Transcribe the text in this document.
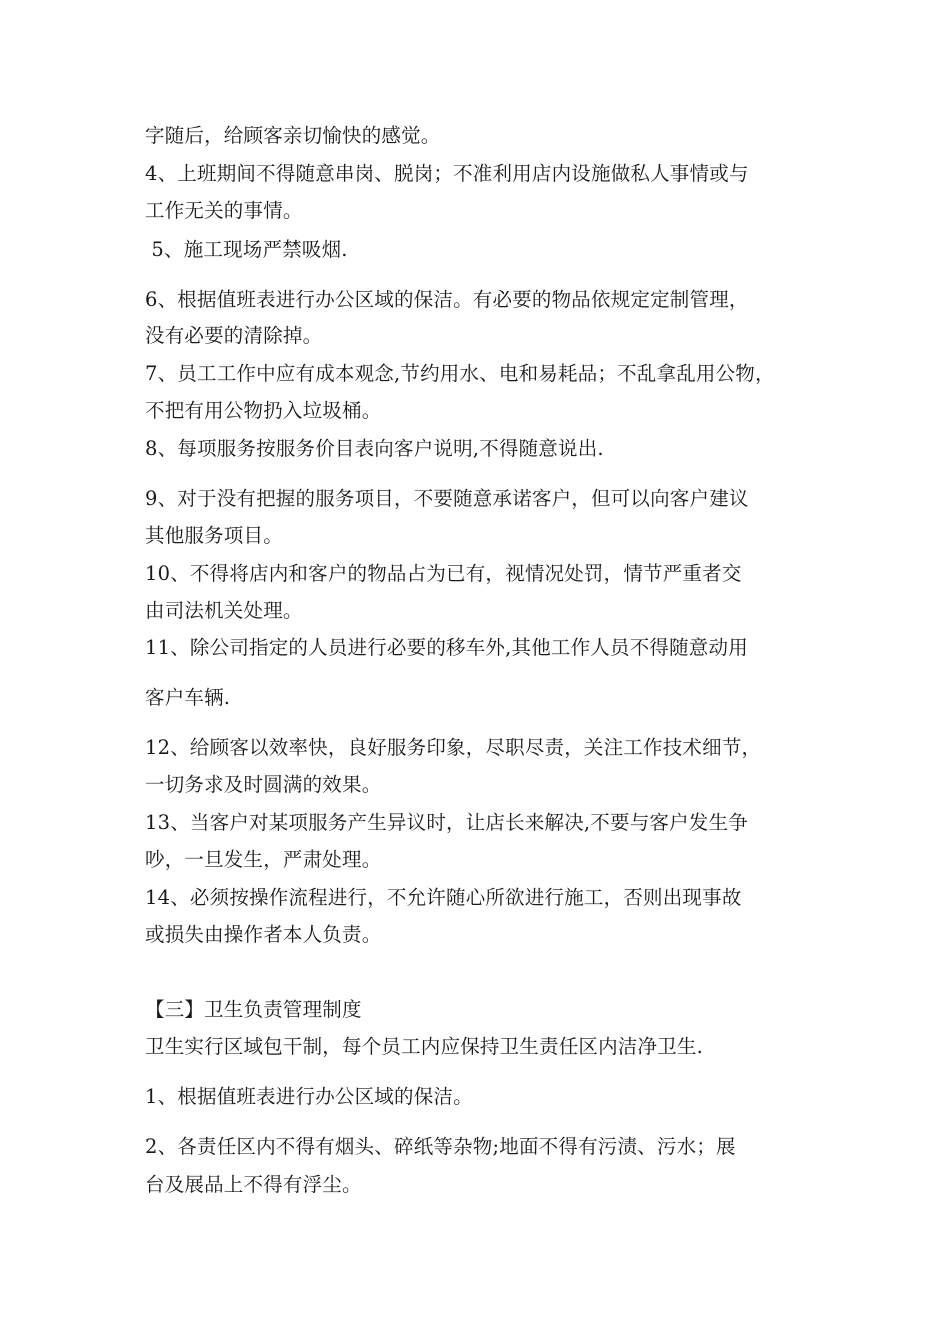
字随后，给顾客亲切愉快的感觉。
4、上班期间不得随意串岗、脱岗；不准利用店内设施做私人事情或与
工作无关的事情。
5、施工现场严禁吸烟.
6、根据值班表进行办公区域的保洁。有必要的物品依规定定制管理，
没有必要的清除掉。
7、员工工作中应有成本观念,节约用水、电和易耗品；不乱拿乱用公物，
不把有用公物扔入垃圾桶。
8、每项服务按服务价目表向客户说明,不得随意说出.
9、对于没有把握的服务项目，不要随意承诺客户，但可以向客户建议
其他服务项目。
10、不得将店内和客户的物品占为已有，视情况处罚，情节严重者交
由司法机关处理。
11、除公司指定的人员进行必要的移车外,其他工作人员不得随意动用
客户车辆.
12、给顾客以效率快，良好服务印象，尽职尽责，关注工作技术细节，
一切务求及时圆满的效果。
13、当客户对某项服务产生异议时，让店长来解决,不要与客户发生争
吵，一旦发生，严肃处理。
14、必须按操作流程进行，不允许随心所欲进行施工，否则出现事故
或损失由操作者本人负责。
【三】卫生负责管理制度
卫生实行区域包干制，每个员工内应保持卫生责任区内洁净卫生.
1、根据值班表进行办公区域的保洁。
2、各责任区内不得有烟头、碎纸等杂物;地面不得有污渍、污水；展
台及展品上不得有浮尘。
